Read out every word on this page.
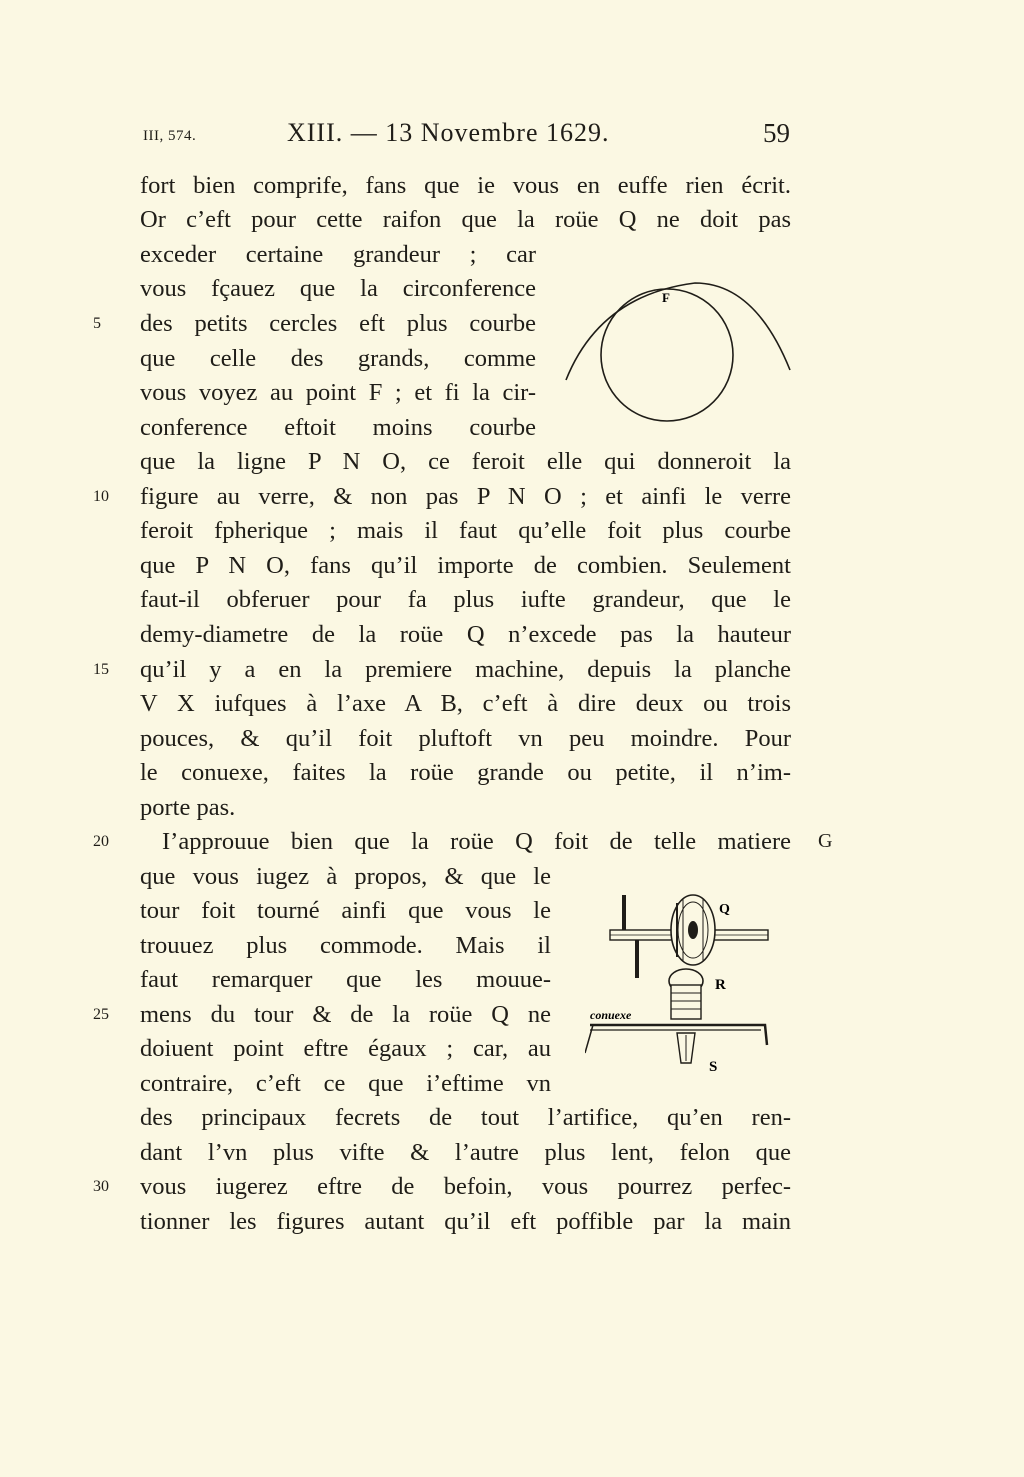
III, 574.	XIII. — 13 Novembre 1629.	59
fort bien comprife, fans que ie vous en euffe rien écrit.
Or c’eft pour cette raifon que la roüe Q ne doit pas
exceder certaine grandeur ; car
vous fçauez que la circonference
des petits cercles eft plus courbe
que celle des grands, comme
vous voyez au point F ; et fi la cir-
conference eftoit moins courbe
que la ligne P N O, ce feroit elle qui donneroit la
figure au verre, & non pas P N O ; et ainfi le verre
feroit fpherique ; mais il faut qu’elle foit plus courbe
que P N O, fans qu’il importe de combien. Seulement
faut-il obferuer pour fa plus iufte grandeur, que le
demy-diametre de la roüe Q n’excede pas la hauteur
qu’il y a en la premiere machine, depuis la planche
V X iufques à l’axe A B, c’eft à dire deux ou trois
pouces, & qu’il foit pluftoft vn peu moindre. Pour
le conuexe, faites la roüe grande ou petite, il n’im-
porte pas.
I’approuue bien que la roüe Q foit de telle matiere
que vous iugez à propos, & que le
tour foit tourné ainfi que vous le
trouuez plus commode. Mais il
faut remarquer que les mouue-
mens du tour & de la roüe Q ne
doiuent point eftre égaux ; car, au
contraire, c’eft ce que i’eftime vn
des principaux fecrets de tout l’artifice, qu’en ren-
dant l’vn plus vifte & l’autre plus lent, felon que
vous iugerez eftre de befoin, vous pourrez perfec-
tionner les figures autant qu’il eft poffible par la main
5
10
15
20
25
30
G
F
Q
R
S
conuexe
